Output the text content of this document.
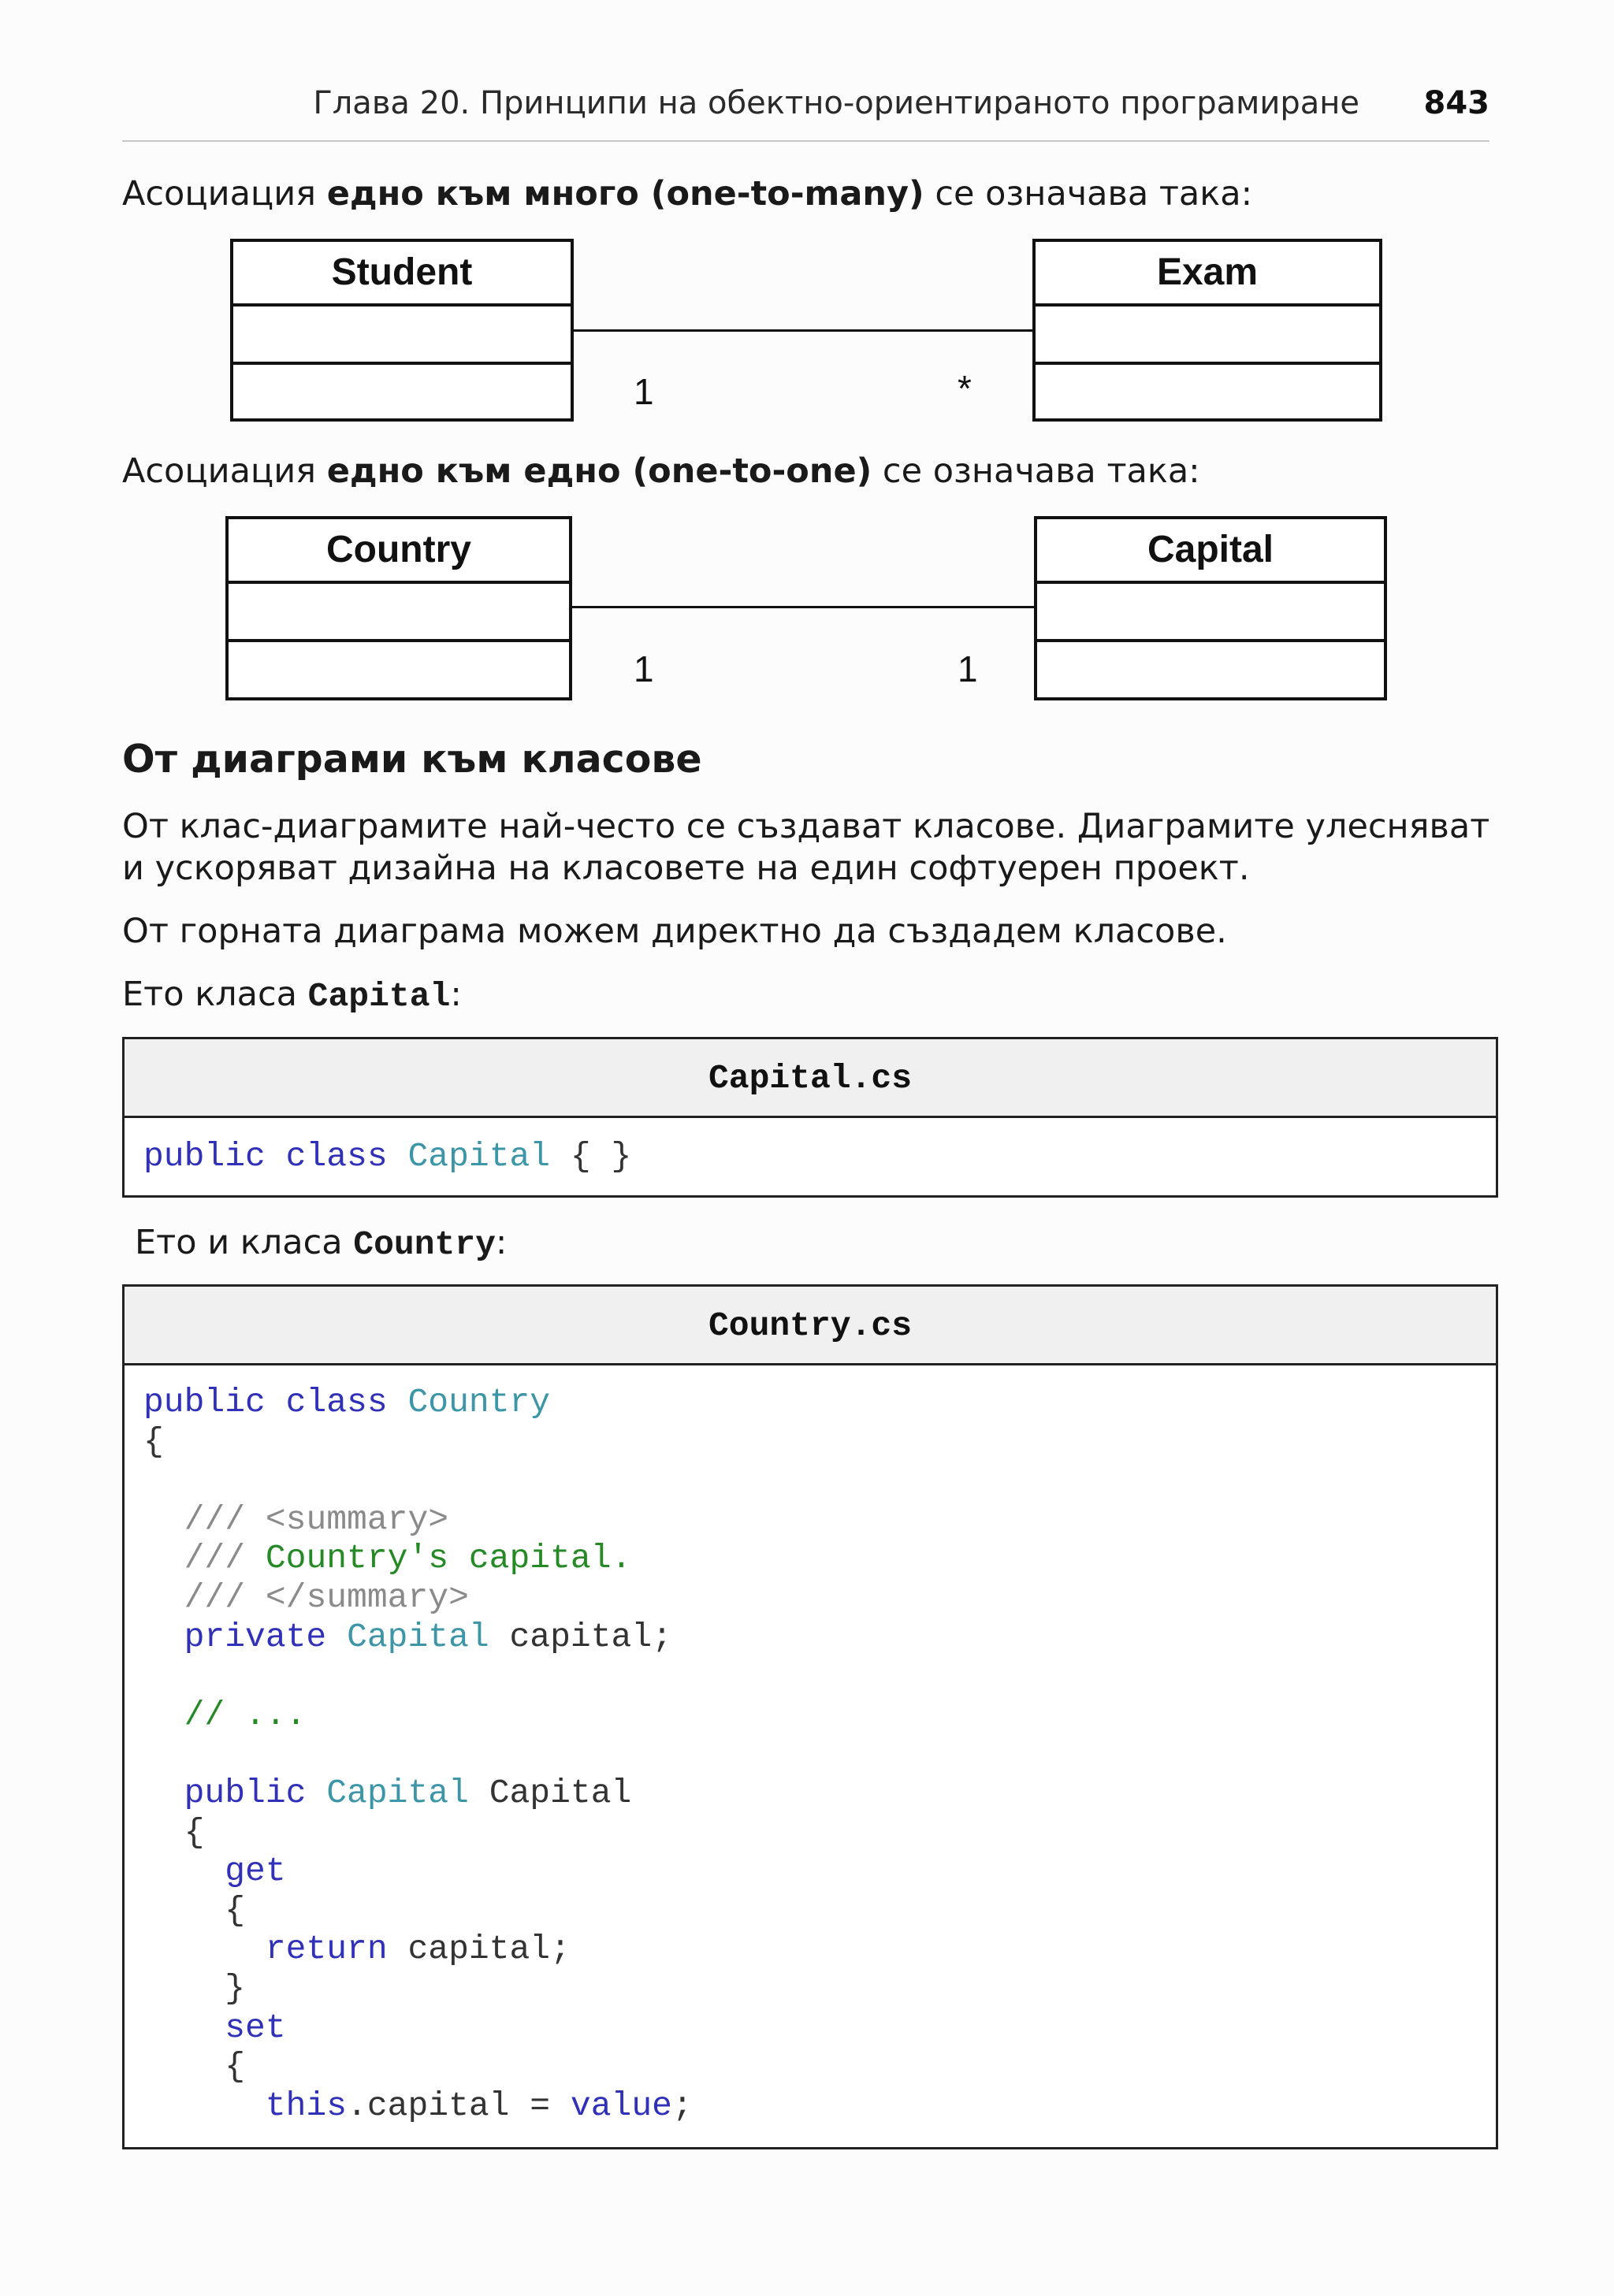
Глава 20. Принципи на обектно-ориентираното програмиране 843
Асоциация едно към много (one-to-many) се означава така:
Student
1	*
Exam
Асоциация едно към едно (one-to-one) се означава така:
Country
1	1
Capital
От диаграми към класове
От клас-диаграмите най-често се създават класове. Диаграмите улесняват
и ускоряват дизайна на класовете на един софтуерен проект.
От горната диаграма можем директно да създадем класове.
Ето класа Capital:
Capital.cs
public class Capital { }
Ето и класа Country:
Country.cs
public class Country
{
/// <summary>
/// Country's capital.
/// </summary>
private Capital capital;
// ...
public Capital Capital
{
get
{
return capital;
}
set
{
this.capital = value;
